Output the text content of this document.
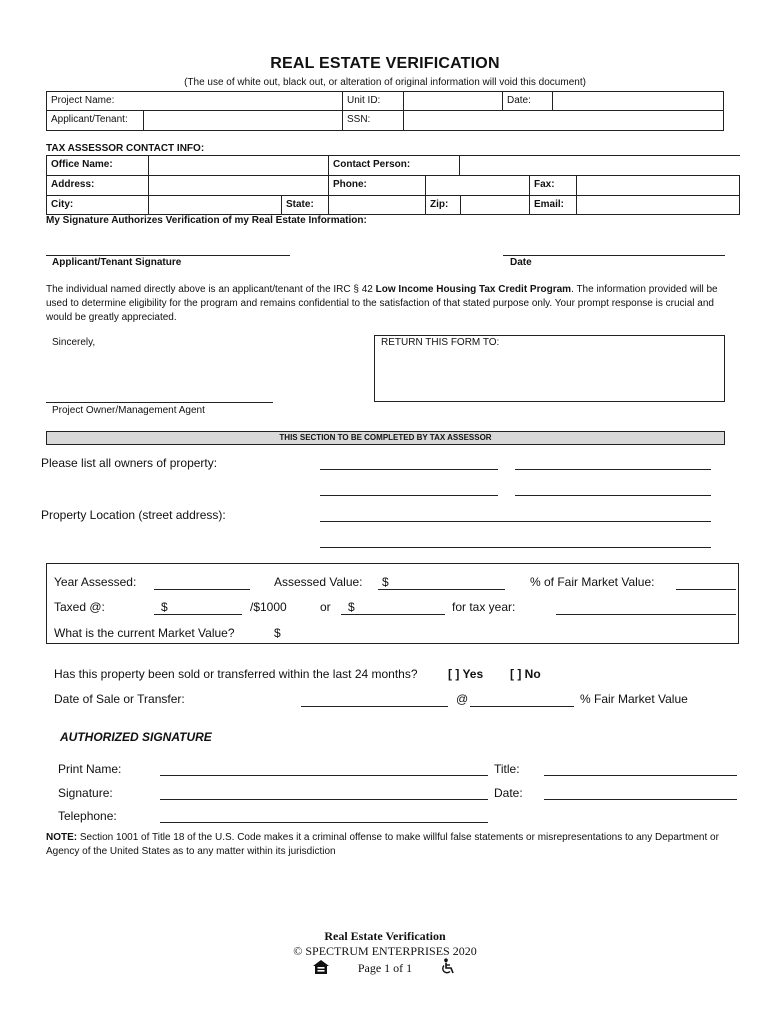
REAL ESTATE VERIFICATION
(The use of white out, black out, or alteration of original information will void this document)
Project Name:	Unit ID:	Date:
Applicant/Tenant:	SSN:
TAX ASSESSOR CONTACT INFO:
Office Name:	Contact Person:
Address:	Phone:	Fax:
City:	State:	Zip:	Email:
My Signature Authorizes Verification of my Real Estate Information:
Applicant/Tenant Signature	Date
The individual named directly above is an applicant/tenant of the IRC § 42 Low Income Housing Tax Credit Program. The information provided will be used to determine eligibility for the program and remains confidential to the satisfaction of that stated purpose only. Your prompt response is crucial and would be greatly appreciated.
Sincerely,	RETURN THIS FORM TO:
Project Owner/Management Agent
THIS SECTION TO BE COMPLETED BY TAX ASSESSOR
Please list all owners of property:
Property Location (street address):
Year Assessed:	Assessed Value: $	% of Fair Market Value:
Taxed @:	$	/$1000	or $	for tax year:
What is the current Market Value?	$
Has this property been sold or transferred within the last 24 months?	[ ] Yes [ ] No
Date of Sale or Transfer:	@	% Fair Market Value
AUTHORIZED SIGNATURE
Print Name:	Title:
Signature:	Date:
Telephone:
NOTE: Section 1001 of Title 18 of the U.S. Code makes it a criminal offense to make willful false statements or misrepresentations to any Department or Agency of the United States as to any matter within its jurisdiction
Real Estate Verification
© SPECTRUM ENTERPRISES 2020
Page 1 of 1
